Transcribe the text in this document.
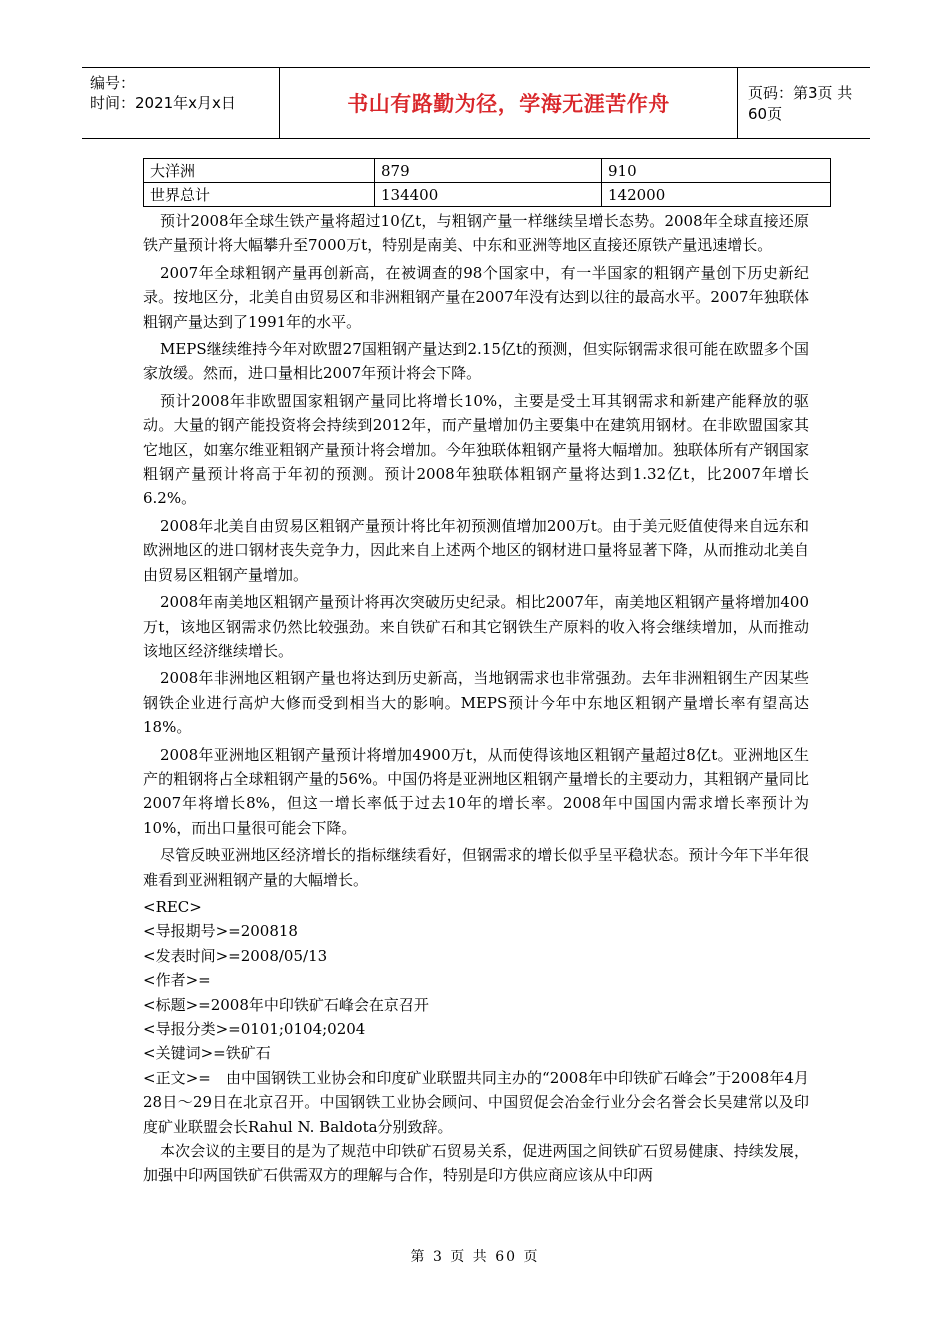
编号：
时间：2021年x月x日	书山有路勤为径，学海无涯苦作舟	页码：第3页 共60页
大洋洲	879	910
世界总计	134400	142000

预计2008年全球生铁产量将超过10亿t，与粗钢产量一样继续呈增长态势。2008年全球直接还原铁产量预计将大幅攀升至7000万t，特别是南美、中东和亚洲等地区直接还原铁产量迅速增长。

2007年全球粗钢产量再创新高，在被调查的98个国家中，有一半国家的粗钢产量创下历史新纪录。按地区分，北美自由贸易区和非洲粗钢产量在2007年没有达到以往的最高水平。2007年独联体粗钢产量达到了1991年的水平。

MEPS继续维持今年对欧盟27国粗钢产量达到2.15亿t的预测，但实际钢需求很可能在欧盟多个国家放缓。然而，进口量相比2007年预计将会下降。

预计2008年非欧盟国家粗钢产量同比将增长10%，主要是受土耳其钢需求和新建产能释放的驱动。大量的钢产能投资将会持续到2012年，而产量增加仍主要集中在建筑用钢材。在非欧盟国家其它地区，如塞尔维亚粗钢产量预计将会增加。今年独联体粗钢产量将大幅增加。独联体所有产钢国家粗钢产量预计将高于年初的预测。预计2008年独联体粗钢产量将达到1.32亿t，比2007年增长6.2%。

2008年北美自由贸易区粗钢产量预计将比年初预测值增加200万t。由于美元贬值使得来自远东和欧洲地区的进口钢材丧失竞争力，因此来自上述两个地区的钢材进口量将显著下降，从而推动北美自由贸易区粗钢产量增加。

2008年南美地区粗钢产量预计将再次突破历史纪录。相比2007年，南美地区粗钢产量将增加400万t，该地区钢需求仍然比较强劲。来自铁矿石和其它钢铁生产原料的收入将会继续增加，从而推动该地区经济继续增长。

2008年非洲地区粗钢产量也将达到历史新高，当地钢需求也非常强劲。去年非洲粗钢生产因某些钢铁企业进行高炉大修而受到相当大的影响。MEPS预计今年中东地区粗钢产量增长率有望高达18%。

2008年亚洲地区粗钢产量预计将增加4900万t，从而使得该地区粗钢产量超过8亿t。亚洲地区生产的粗钢将占全球粗钢产量的56%。中国仍将是亚洲地区粗钢产量增长的主要动力，其粗钢产量同比2007年将增长8%，但这一增长率低于过去10年的增长率。2008年中国国内需求增长率预计为10%，而出口量很可能会下降。

尽管反映亚洲地区经济增长的指标继续看好，但钢需求的增长似乎呈平稳状态。预计今年下半年很难看到亚洲粗钢产量的大幅增长。

<REC>

<导报期号>=200818

<发表时间>=2008/05/13

<作者>=

<标题>=2008年中印铁矿石峰会在京召开

<导报分类>=0101;0104;0204

<关键词>=铁矿石

<正文>=　由中国钢铁工业协会和印度矿业联盟共同主办的“2008年中印铁矿石峰会”于2008年4月28日～29日在北京召开。中国钢铁工业协会顾问、中国贸促会冶金行业分会名誉会长吴建常以及印度矿业联盟会长Rahul N. Baldota分别致辞。

本次会议的主要目的是为了规范中印铁矿石贸易关系，促进两国之间铁矿石贸易健康、持续发展，加强中印两国铁矿石供需双方的理解与合作，特别是印方供应商应该从中印两

第 3 页 共 60 页
